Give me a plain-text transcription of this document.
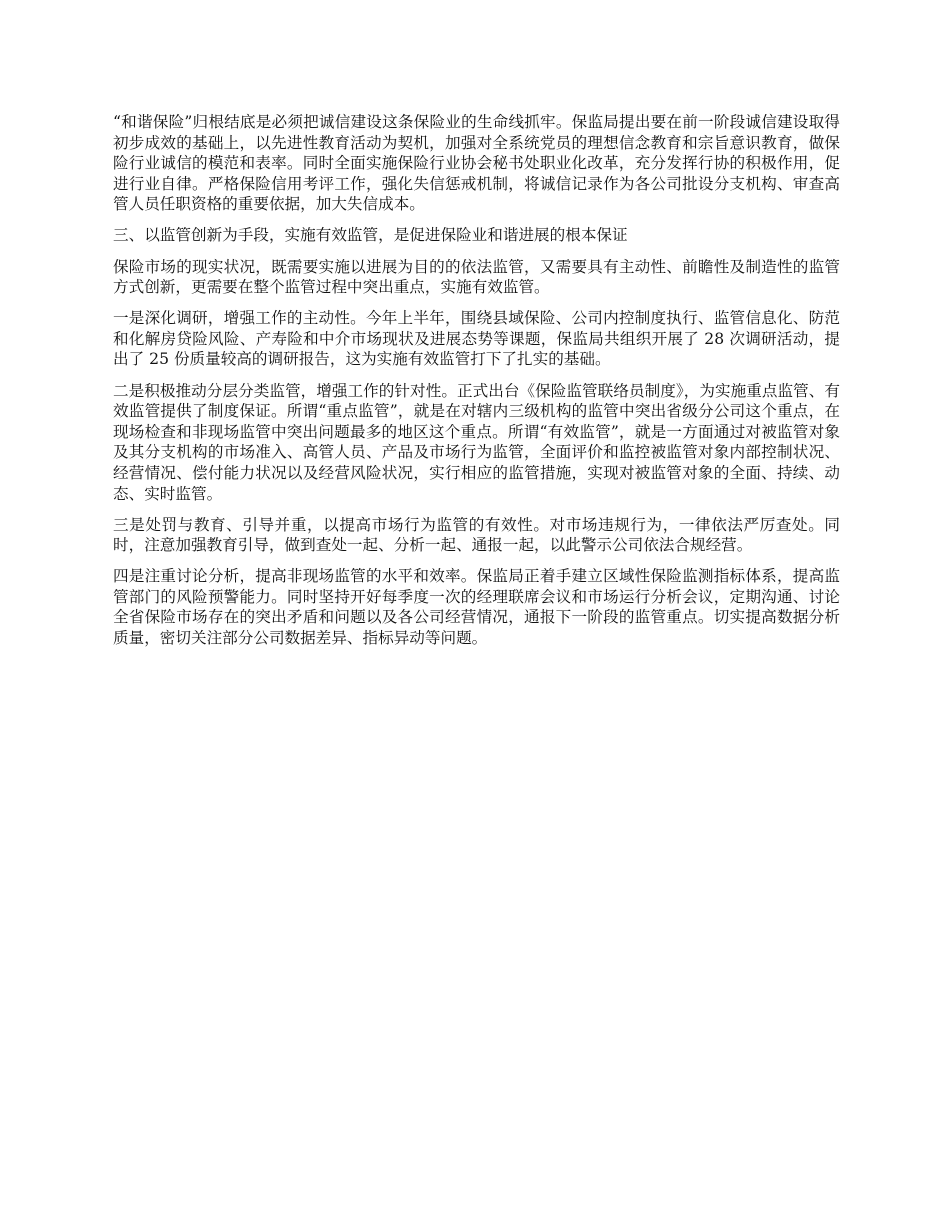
“和谐保险”归根结底是必须把诚信建设这条保险业的生命线抓牢。保监局提出要在前一阶段诚信建设取得初步成效的基础上，以先进性教育活动为契机，加强对全系统党员的理想信念教育和宗旨意识教育，做保险行业诚信的模范和表率。同时全面实施保险行业协会秘书处职业化改革，充分发挥行协的积极作用，促进行业自律。严格保险信用考评工作，强化失信惩戒机制，将诚信记录作为各公司批设分支机构、审查高管人员任职资格的重要依据，加大失信成本。

三、以监管创新为手段，实施有效监管，是促进保险业和谐进展的根本保证

保险市场的现实状况，既需要实施以进展为目的的依法监管，又需要具有主动性、前瞻性及制造性的监管方式创新，更需要在整个监管过程中突出重点，实施有效监管。

一是深化调研，增强工作的主动性。今年上半年，围绕县域保险、公司内控制度执行、监管信息化、防范和化解房贷险风险、产寿险和中介市场现状及进展态势等课题，保监局共组织开展了 28 次调研活动，提出了 25 份质量较高的调研报告，这为实施有效监管打下了扎实的基础。

二是积极推动分层分类监管，增强工作的针对性。正式出台《保险监管联络员制度》，为实施重点监管、有效监管提供了制度保证。所谓“重点监管”，就是在对辖内三级机构的监管中突出省级分公司这个重点，在现场检查和非现场监管中突出问题最多的地区这个重点。所谓“有效监管”，就是一方面通过对被监管对象及其分支机构的市场准入、高管人员、产品及市场行为监管，全面评价和监控被监管对象内部控制状况、经营情况、偿付能力状况以及经营风险状况，实行相应的监管措施，实现对被监管对象的全面、持续、动态、实时监管。

三是处罚与教育、引导并重，以提高市场行为监管的有效性。对市场违规行为，一律依法严厉查处。同时，注意加强教育引导，做到查处一起、分析一起、通报一起，以此警示公司依法合规经营。

四是注重讨论分析，提高非现场监管的水平和效率。保监局正着手建立区域性保险监测指标体系，提高监管部门的风险预警能力。同时坚持开好每季度一次的经理联席会议和市场运行分析会议，定期沟通、讨论全省保险市场存在的突出矛盾和问题以及各公司经营情况，通报下一阶段的监管重点。切实提高数据分析质量，密切关注部分公司数据差异、指标异动等问题。
